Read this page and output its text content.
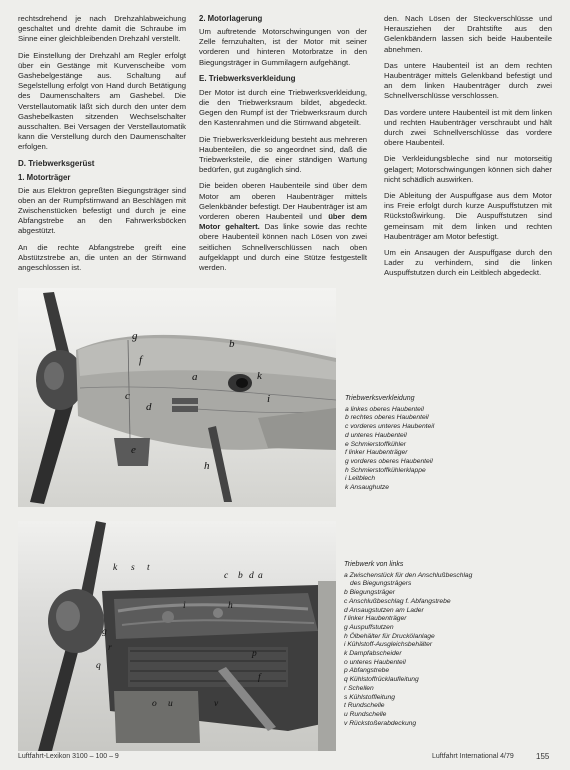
rechtsdrehend je nach Drehzahlabweichung geschaltet und drehte damit die Schraube im Sinne einer gleichbleibenden Drehzahl verstellt.

Die Einstellung der Drehzahl am Regler erfolgt über ein Gestänge mit Kurvenscheibe vom Gashebelgestänge aus. Schaltung auf Segelstellung erfolgt von Hand durch Betätigung des Daumenschalters am Gashebel. Die Verstellautomatik läßt sich durch den unter dem Gashebelkasten sitzenden Wechselschalter ausschalten. Bei Versagen der Verstellautomatik kann die Verstellung durch den Daumenschalter erfolgen.

D. Triebwerksgerüst
1. Motorträger

Die aus Elektron gepreßten Biegungsträger sind oben an der Rumpfstirnwand an Beschlägen mit Zwischenstücken befestigt und durch je eine Abfangstrebe an den Fahrwerksböcken abgestützt.

An die rechte Abfangstrebe greift eine Abstützstrebe an, die unten an der Stirnwand angeschlossen ist.

2. Motorlagerung

Um auftretende Motorschwingungen von der Zelle fernzuhalten, ist der Motor mit seiner vorderen und hinteren Motorbratze in den Biegungsträger in Gummilagern aufgehängt.

E. Triebwerksverkleidung

Der Motor ist durch eine Triebwerksverkleidung, die den Triebwerksraum bildet, abgedeckt. Gegen den Rumpf ist der Triebwerksraum durch den Kastenrahmen und die Stirnwand abgeteilt.

Die Triebwerksverkleidung besteht aus mehreren Haubenteilen, die so angeordnet sind, daß die Triebwerksteile, die einer ständigen Wartung bedürfen, gut zugänglich sind.

Die beiden oberen Haubenteile sind über dem Motor am oberen Haubenträger mittels Gelenkbänder befestigt. Der Haubenträger ist am vorderen oberen Haubenteil und über dem Motor gehaltert. Das linke sowie das rechte obere Haubenteil können nach Lösen von zwei seitlichen Schnellverschlüssen nach oben aufgeklappt und durch eine Stütze festgestellt werden.

den. Nach Lösen der Steckverschlüsse und Herausziehen der Drahtstifte aus den Gelenkbändern lassen sich beide Haubenteile abnehmen.

Das untere Haubenteil ist an dem rechten Haubenträger mittels Gelenkband befestigt und an dem linken Haubenträger durch zwei Schnellverschlüsse verschlossen.

Das vordere untere Haubenteil ist mit dem linken und rechten Haubenträger verschraubt und hält durch zwei Schnellverschlüsse das vordere obere Haubenteil.

Die Verkleidungsbleche sind nur motorseitig gelagert; Motorschwingungen können sich daher nicht schädlich auswirken.

Die Ableitung der Auspuffgase aus dem Motor ins Freie erfolgt durch kurze Auspuffstutzen mit Rückstoßwirkung. Die Auspuffstutzen sind gemeinsam mit dem linken und rechten Haubenträger am Motor befestigt.

Um ein Ansaugen der Auspuffgase durch den Lader zu verhindern, sind die linken Auspuffstutzen durch ein Leitblech abgedeckt.

g
b
f
a
c
d
k
i
e
h
Triebwerksverkleidung
a linkes oberes Haubenteil
b rechtes oberes Haubenteil
c vorderes unteres Haubenteil
d unteres Haubenteil
e Schmierstoffkühler
f linker Haubenträger
g vorderes oberes Haubenteil
h Schmierstoffkühlerklappe
i Leitblech
k Ansaughutze
k s t
c b d a
i	h
g
r
q
p
f
o u	v
Triebwerk von links
a Zwischenstück für den Anschlußbeschlag
des Biegungsträgers
b Biegungsträger
c Anschlußbeschlag f. Abfangstrebe
d Ansaugstutzen am Lader
f linker Haubenträger
g Auspuffstutzen
h Ölbehälter für Druckölanlage
i Kühlstoff-Ausgleichsbehälter
k Dampfabscheider
o unteres Haubenteil
p Abfangstrebe
q Kühlstoffrücklaufleitung
r Schellen
s Kühlstoffleitung
t Rundschelle
u Rundschelle
v Rückstoßerabdeckung
Luftfahrt-Lexikon 3100 – 100 – 9	Luftfahrt International 4/79	155
